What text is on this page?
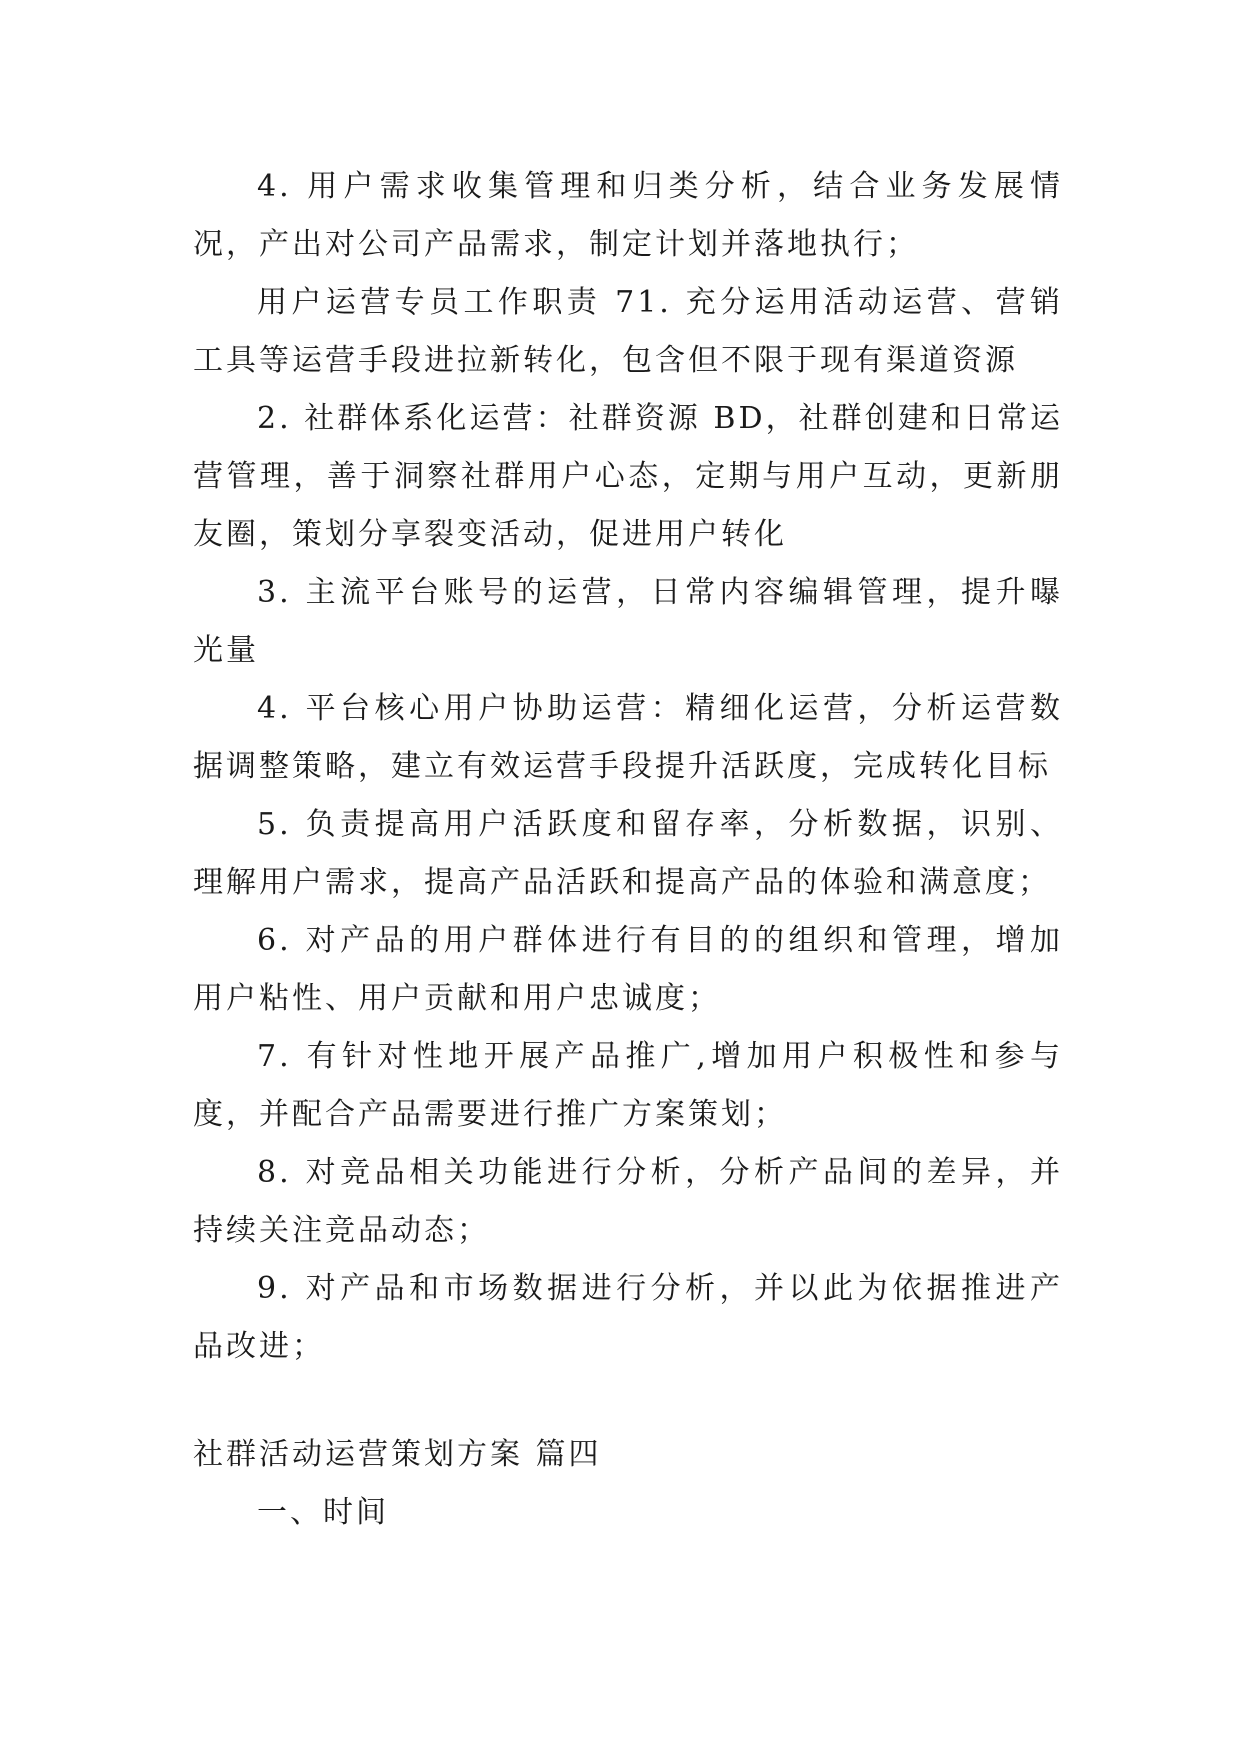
4. 用户需求收集管理和归类分析，结合业务发展情况，产出对公司产品需求，制定计划并落地执行；

用户运营专员工作职责 71. 充分运用活动运营、营销工具等运营手段进拉新转化，包含但不限于现有渠道资源

2. 社群体系化运营：社群资源 BD，社群创建和日常运营管理，善于洞察社群用户心态，定期与用户互动，更新朋友圈，策划分享裂变活动，促进用户转化

3. 主流平台账号的运营，日常内容编辑管理，提升曝光量

4. 平台核心用户协助运营：精细化运营，分析运营数据调整策略，建立有效运营手段提升活跃度，完成转化目标

5. 负责提高用户活跃度和留存率，分析数据，识别、理解用户需求，提高产品活跃和提高产品的体验和满意度；

6. 对产品的用户群体进行有目的的组织和管理，增加用户粘性、用户贡献和用户忠诚度；

7. 有针对性地开展产品推广,增加用户积极性和参与度，并配合产品需要进行推广方案策划；

8. 对竞品相关功能进行分析，分析产品间的差异，并持续关注竞品动态；

9. 对产品和市场数据进行分析，并以此为依据推进产品改进；

社群活动运营策划方案 篇四

一、时间
